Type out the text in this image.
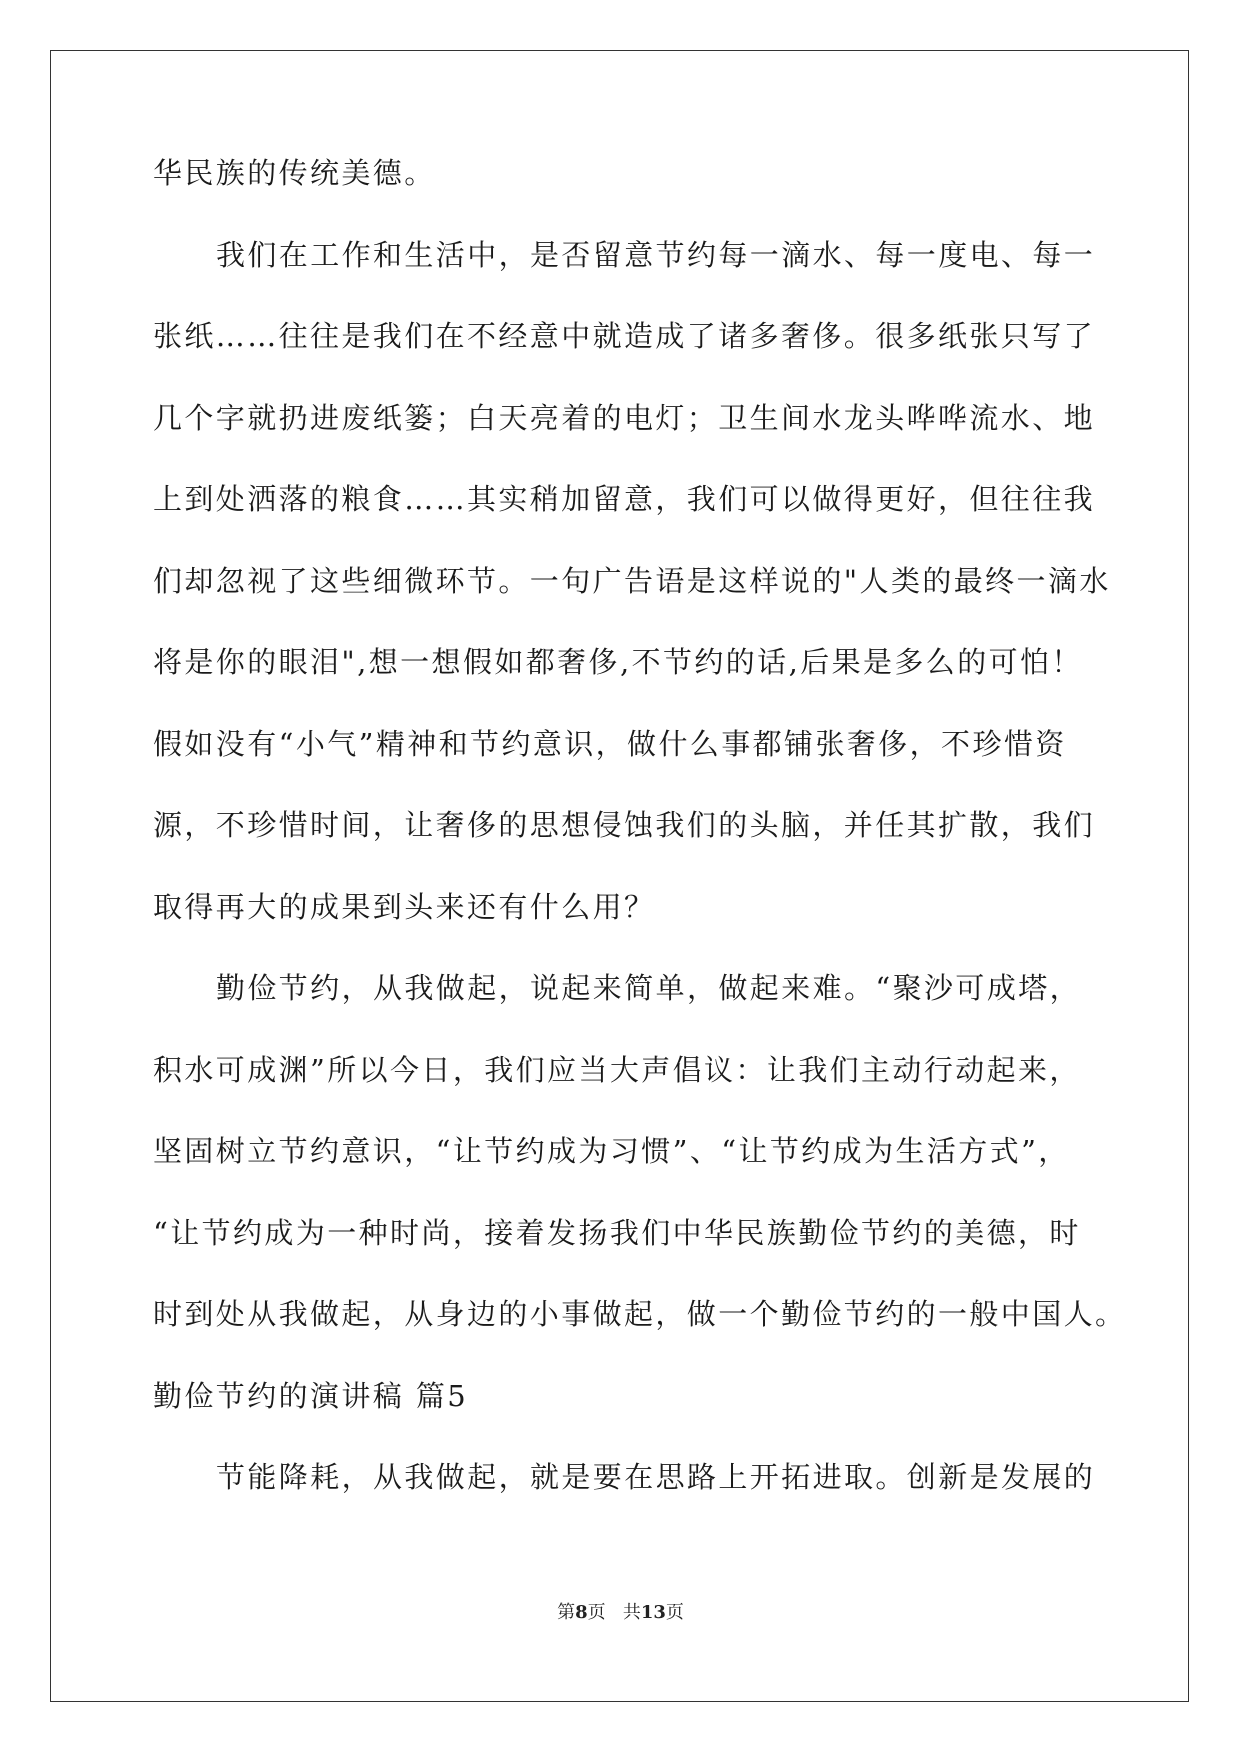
华民族的传统美德。
我们在工作和生活中，是否留意节约每一滴水、每一度电、每一
张纸……往往是我们在不经意中就造成了诸多奢侈。很多纸张只写了
几个字就扔进废纸篓；白天亮着的电灯；卫生间水龙头哗哗流水、地
上到处洒落的粮食……其实稍加留意，我们可以做得更好，但往往我
们却忽视了这些细微环节。一句广告语是这样说的"人类的最终一滴水
将是你的眼泪",想一想假如都奢侈,不节约的话,后果是多么的可怕！
假如没有“小气”精神和节约意识，做什么事都铺张奢侈，不珍惜资
源，不珍惜时间，让奢侈的思想侵蚀我们的头脑，并任其扩散，我们
取得再大的成果到头来还有什么用？
勤俭节约，从我做起，说起来简单，做起来难。“聚沙可成塔，
积水可成渊”所以今日，我们应当大声倡议：让我们主动行动起来，
坚固树立节约意识，“让节约成为习惯”、“让节约成为生活方式”，
“让节约成为一种时尚，接着发扬我们中华民族勤俭节约的美德，时
时到处从我做起，从身边的小事做起，做一个勤俭节约的一般中国人。
勤俭节约的演讲稿 篇5
节能降耗，从我做起，就是要在思路上开拓进取。创新是发展的
第8页 共13页
